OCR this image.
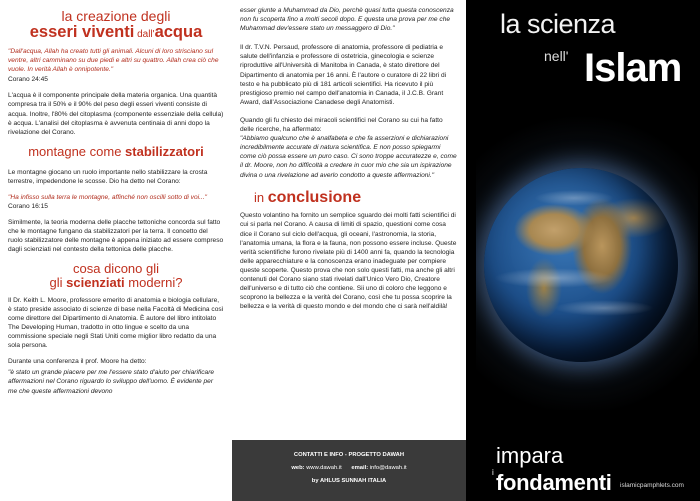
la creazione degli
esseri viventi dall'acqua

"Dall'acqua, Allah ha creato tutti gli animali. Alcuni di loro strisciano sul ventre, altri camminano su due piedi e altri su quattro. Allah crea ciò che vuole. In verità Allah è onnipotente."

Corano 24:45

L'acqua è il componente principale della materia organica. Una quantità compresa tra il 50% e il 90% del peso degli esseri viventi consiste di acqua. Inoltre, l'80% del citoplasma (componente essenziale della cellula) è acqua. L'analisi del citoplasma è avvenuta centinaia di anni dopo la rivelazione del Corano.

montagne come stabilizzatori

Le montagne giocano un ruolo importante nello stabilizzare la crosta terrestre, impedendone le scosse. Dio ha detto nel Corano:

"Ha infisso sulla terra le montagne, affinché non oscilli sotto di voi..." Corano 16:15

Similmente, la teoria moderna delle placche tettoniche concorda sul fatto che le montagne fungano da stabilizzatori per la terra. Il concetto del ruolo stabilizzatore delle montagne è appena iniziato ad essere compreso dagli scienziati nel contesto della tettonica delle placche.

cosa dicono gli
gli scienziati moderni?

Il Dr. Keith L. Moore, professore emerito di anatomia e biologia cellulare, è stato preside associato di scienze di base nella Facoltà di Medicina così come direttore del Dipartimento di Anatomia. È autore del libro intitolato The Developing Human, tradotto in otto lingue e scelto da una commissione speciale negli Stati Uniti come miglior libro redatto da una sola persona.

Durante una conferenza il prof. Moore ha detto:

"è stato un grande piacere per me l'essere stato d'aiuto per chiarificare affermazioni nel Corano riguardo lo sviluppo dell'uomo. È evidente per me che queste affermazioni devono

esser giunte a Muhammad da Dio, perchè quasi tutta questa conoscenza non fu scoperta fino a molti secoli dopo. E questa una prova per me che Muhammad dev'essere stato un messaggero di Dio."

Il dr. T.V.N. Persaud, professore di anatomia, professore di pediatria e salute dell'infanzia e professore di ostetricia, ginecologia e scienze riproduttive all'Università di Manitoba in Canada, è stato direttore del Dipartimento di anatomia per 16 anni. È l'autore o curatore di 22 libri di testo e ha pubblicato più di 181 articoli scientifici. Ha ricevuto il più prestigioso premio nel campo dell'anatomia in Canada, il J.C.B. Grant Award, dall'Associazione Canadese degli Anatomisti.

Quando gli fu chiesto dei miracoli scientifici nel Corano su cui ha fatto delle ricerche, ha affermato:

"Abbiamo qualcuno che è analfabeta e che fa asserzioni e dichiarazioni incredibilmente accurate di natura scientifica. E non posso spiegarmi come ciò possa essere un puro caso. Ci sono troppe accuratezze e, come il dr. Moore, non ho difficoltà a credere in cuor mio che sia un ispirazione divina o una rivelazione ad averlo condotto a queste affermazioni."

in conclusione

Questo volantino ha fornito un semplice sguardo dei molti fatti scientifici di cui si parla nel Corano. A causa di limiti di spazio, questioni come cosa dice il Corano sul ciclo dell'acqua, gli oceani, l'astronomia, la storia, l'anatomia umana, la flora e la fauna, non possono essere incluse. Queste verità scientifiche furono rivelate più di 1400 anni fa, quando la tecnologia delle apparecchiature e la conoscenza erano inadeguate per compiere queste scoperte. Questo prova che non solo questi fatti, ma anche gli altri contenuti del Corano siano stati rivelati dall'Unico Vero Dio, Creatore dell'universo e di tutto ciò che contiene. Sii uno di coloro che leggono e scoprono la bellezza e la verità del Corano, così che tu possa scoprire la bellezza e la verità di questo mondo e del mondo che ci sarà nell'aldilà!

CONTATTI E INFO - PROGETTO DAWAH
web: www.dawah.it email: info@dawah.it
by AHLUS SUNNAH ITALIA
la scienza
nell' Islam
impara
i fondamenti islamicpamphlets.com
